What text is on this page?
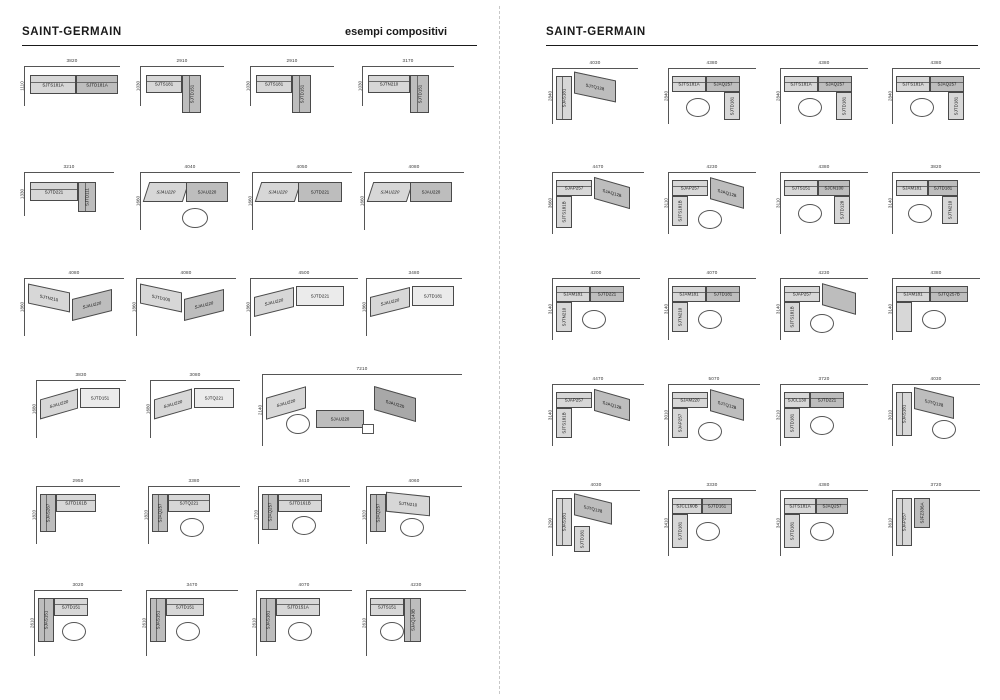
SAINT-GERMAIN	esempi compositivi	SAINT-GERMAIN
3820
1110	SJTS181A	SJTD181A
2910
1030	SJTS181
SJTD151
2910
1030	SJTS181
SJTD151
3170
1030	SJTN210
SJTD151
3210
1330	SJTD221	SJTD111
4040
1660
SJAU220	SJAU220
4050
1660
SJAU220	SJTD221
4080
1660
SJAU220	SJAU220
4080
1860
SJTN210
SJAU220
4080
1860
SJTD100
SJAU220
4500
1860	SJAU220
SJTD221
3480
1860	SJAU220
SJTD181
3830
1680	SJAU220
SJTD151
3080
1680	SJAU220
SJTQ221
7210
2140
SJAU220
SJAU220
SJAU220
2950
1820 SJAS267
SJTD161B
3380
1820 SJAQ257
SJTQ221
3410
1720 SJAQ257	SJTD161B
4060
1820 SJAQ257	SJTN210
3020
2610 SJAS151
SJTD151
3470
2610 SJAS151
SJTD151
4070
2610 SJAS181
SJTD151A
4230
2610
SJTS151
SJAQ143B
4030
2840 SJAS181
SJTQ128
4380
2840
SJTS181A	SJAQ257
SJTD181
4380
2840
SJTS181A	SJAQ257
SJTD181
4380
2840
SJTS181A	SJAQ257
SJTD181
4470
3660
SJAP257
SJTS181B
SJAQ128
4230
3110
SJAP257
SJTS181B
SJAQ128
4380
3110
SJTS151	SJCN100
SJTD128
3820
3140
SJAM181	SJTD181
SJTN210
4200
3140
SJAM181	SJTD221
SJTN210
4070
3140
SJAM181	SJTD181
SJTN210
4230
3140
SJAP257
SJTS181B
4380
3140
SJAM181	SJTQ257B
4470
3140
SJAP257
SJTS181B
SJAQ128
5070
3010
SJAM220	SJTQ128
SJAP257
3720
3210
SJCL130	SJTD221
SJTD181
4030
3010 SJAS181
SJTQ128
4030
3290 SJAS181
SJTQ128
SJTD181
3330
3410
SJCL160B SJTD161
SJTD181
4380
3410
SJTS181A	SJAQ257
SJTD181
3720
3610 SJAP257	SJFZ336A
